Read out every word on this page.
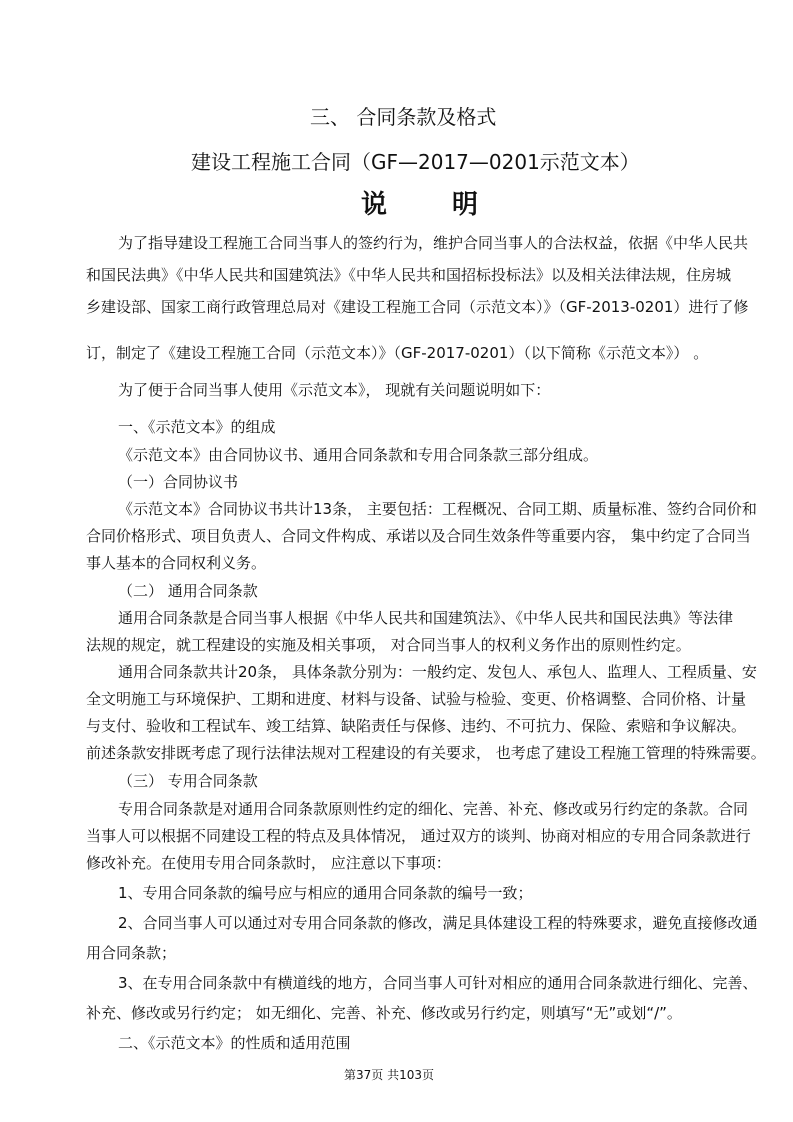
三、 合同条款及格式
建设工程施工合同（GF—2017—0201示范文本）
说 明
为了指导建设工程施工合同当事人的签约行为，维护合同当事人的合法权益，依据《中华人民共
和国民法典》《中华人民共和国建筑法》《中华人民共和国招标投标法》以及相关法律法规，住房城
乡建设部、国家工商行政管理总局对《建设工程施工合同（示范文本）》（GF-2013-0201）进行了修
订，制定了《建设工程施工合同（示范文本）》（GF-2017-0201）（以下简称《示范文本》） 。
为了便于合同当事人使用《示范文本》， 现就有关问题说明如下：
一、《示范文本》的组成
《示范文本》由合同协议书、通用合同条款和专用合同条款三部分组成。
（一）合同协议书
《示范文本》合同协议书共计13条， 主要包括：工程概况、合同工期、质量标准、签约合同价和
合同价格形式、项目负责人、合同文件构成、承诺以及合同生效条件等重要内容， 集中约定了合同当
事人基本的合同权利义务。
（二） 通用合同条款
通用合同条款是合同当事人根据《中华人民共和国建筑法》、《中华人民共和国民法典》等法律
法规的规定，就工程建设的实施及相关事项， 对合同当事人的权利义务作出的原则性约定。
通用合同条款共计20条， 具体条款分别为：一般约定、发包人、承包人、监理人、工程质量、安
全文明施工与环境保护、工期和进度、材料与设备、试验与检验、变更、价格调整、合同价格、计量
与支付、验收和工程试车、竣工结算、缺陷责任与保修、违约、不可抗力、保险、索赔和争议解决。
前述条款安排既考虑了现行法律法规对工程建设的有关要求， 也考虑了建设工程施工管理的特殊需要。
（三） 专用合同条款
专用合同条款是对通用合同条款原则性约定的细化、完善、补充、修改或另行约定的条款。合同
当事人可以根据不同建设工程的特点及具体情况， 通过双方的谈判、协商对相应的专用合同条款进行
修改补充。在使用专用合同条款时， 应注意以下事项：
1、专用合同条款的编号应与相应的通用合同条款的编号一致；
2、合同当事人可以通过对专用合同条款的修改，满足具体建设工程的特殊要求，避免直接修改通
用合同条款；
3、在专用合同条款中有横道线的地方，合同当事人可针对相应的通用合同条款进行细化、完善、
补充、修改或另行约定； 如无细化、完善、补充、修改或另行约定，则填写“无”或划“/”。
二、《示范文本》的性质和适用范围
第37页 共103页
